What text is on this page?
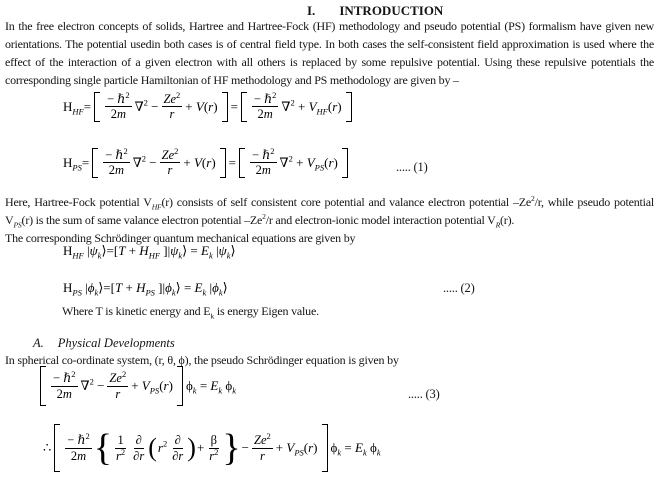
I. INTRODUCTION
In the free electron concepts of solids, Hartree and Hartree-Fock (HF) methodology and pseudo potential (PS) formalism have given new orientations. The potential usedin both cases is of central field type. In both cases the self-consistent field approximation is used where the effect of the interaction of a given electron with all others is replaced by some repulsive potential. Using these repulsive potentials the corresponding single particle Hamiltonian of HF methodology and PS methodology are given by –
$H_{HF}= \frac{- \hbar^2}{2m} \nabla^2 - \frac{Ze^2}{r} + V(r) = \frac{- \hbar^2}{2m} \nabla^2 + V_{HF}(r)$
$H_{PS}= \frac{- \hbar^2}{2m} \nabla^2 - \frac{Ze^2}{r} + V(r) = \frac{- \hbar^2}{2m} \nabla^2 + V_{PS}(r)$	..... (1)
Here, Hartree-Fock potential $V_{HF}(r)$ consists of self consistent core potential and valance electron potential –Ze$^2$/r, while pseudo potential $V_{PS}(r)$ is the sum of same valance electron potential –Ze$^2$/r and electron-ionic model interaction potential $V_R(r)$.
The corresponding Schrödinger quantum mechanical equations are given by
$H_{HF}$ $|\psi_k⟩=[T + H_{HF}$ ]$|\psi_k⟩ = E_k$ $|\psi_k⟩$
$H_{PS}$ $|\phi_k⟩=[T + H_{PS}$ ]$|\phi_k⟩ = E_k$ $|\phi_k⟩$	..... (2)
Where T is kinetic energy and $E_k$ is energy Eigen value.
A. Physical Developments
In spherical co-ordinate system, (r, θ, ϕ), the pseudo Schrödinger equation is given by
$\frac{- \hbar^2}{2m} \nabla^2 - \frac{Ze^2}{r} + V_{PS}(r) \phi_k = E_k$ $\phi_k$	..... (3)
∴ $\frac{- \hbar^2}{2m}$ { $\frac{1}{r^2} \frac{\partial}{\partial r}$ ( $r^2 \frac{\partial}{\partial r}$ ) + $\frac{\beta}{r^2}$ } − $\frac{Ze^2}{r} + V_{PS}(r) \phi_k = E_k$ $\phi_k$
